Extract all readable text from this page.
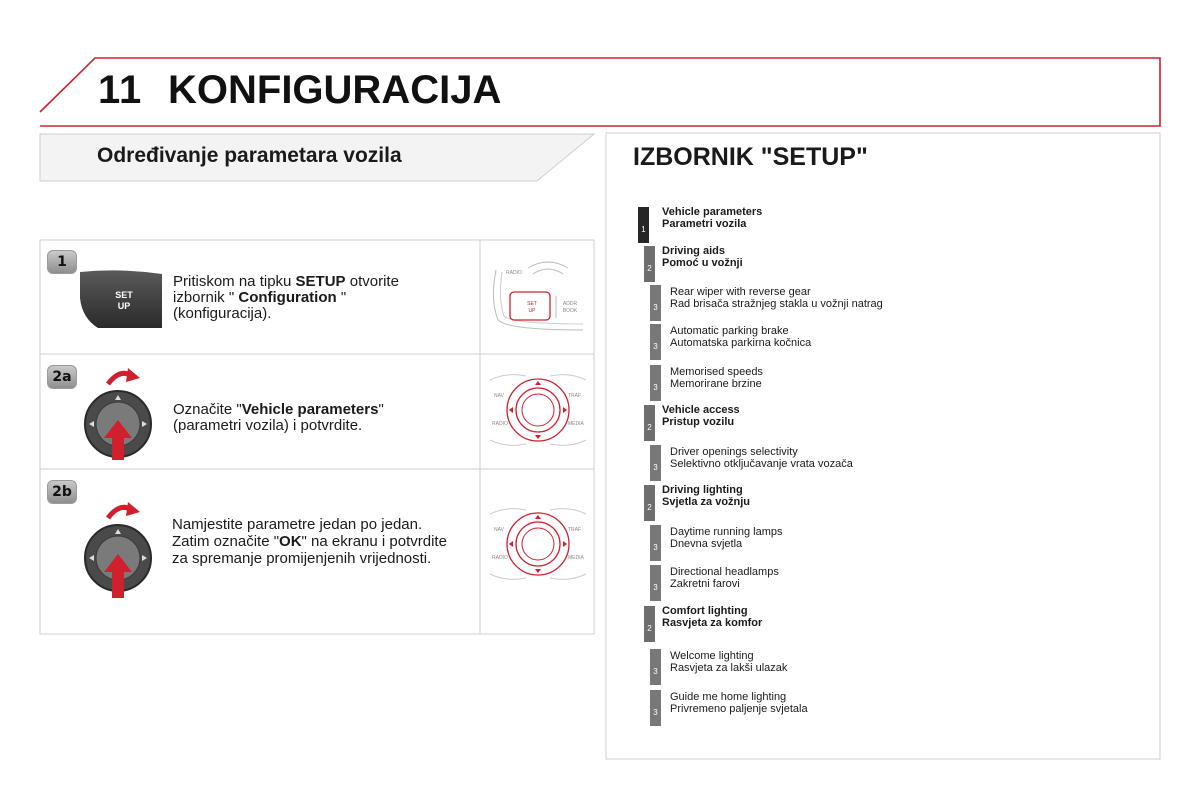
11 KONFIGURACIJA
Određivanje parametara vozila
1
SET
UP
Pritiskom na tipku SETUP otvorite izbornik " Configuration " (konfiguracija).
RADIO
SET
UP
ADDR
BOOK
2a
Označite "Vehicle parameters" (parametri vozila) i potvrdite.
NAV	TRAF
RADIO	MEDIA
2b
Namjestite parametre jedan po jedan. Zatim označite "OK" na ekranu i potvrdite za spremanje promijenjenih vrijednosti.
NAV	TRAF
RADIO	MEDIA
IZBORNIK "SETUP"
1
Vehicle parameters
Parametri vozila
2
Driving aids
Pomoć u vožnji
3
Rear wiper with reverse gear
Rad brisača stražnjeg stakla u vožnji natrag
3
Automatic parking brake
Automatska parkirna kočnica
3
Memorised speeds
Memorirane brzine
2
Vehicle access
Pristup vozilu
3
Driver openings selectivity
Selektivno otključavanje vrata vozača
2
Driving lighting
Svjetla za vožnju
3
Daytime running lamps
Dnevna svjetla
3
Directional headlamps
Zakretni farovi
2
Comfort lighting
Rasvjeta za komfor
3
Welcome lighting
Rasvjeta za lakši ulazak
3
Guide me home lighting
Privremeno paljenje svjetala
